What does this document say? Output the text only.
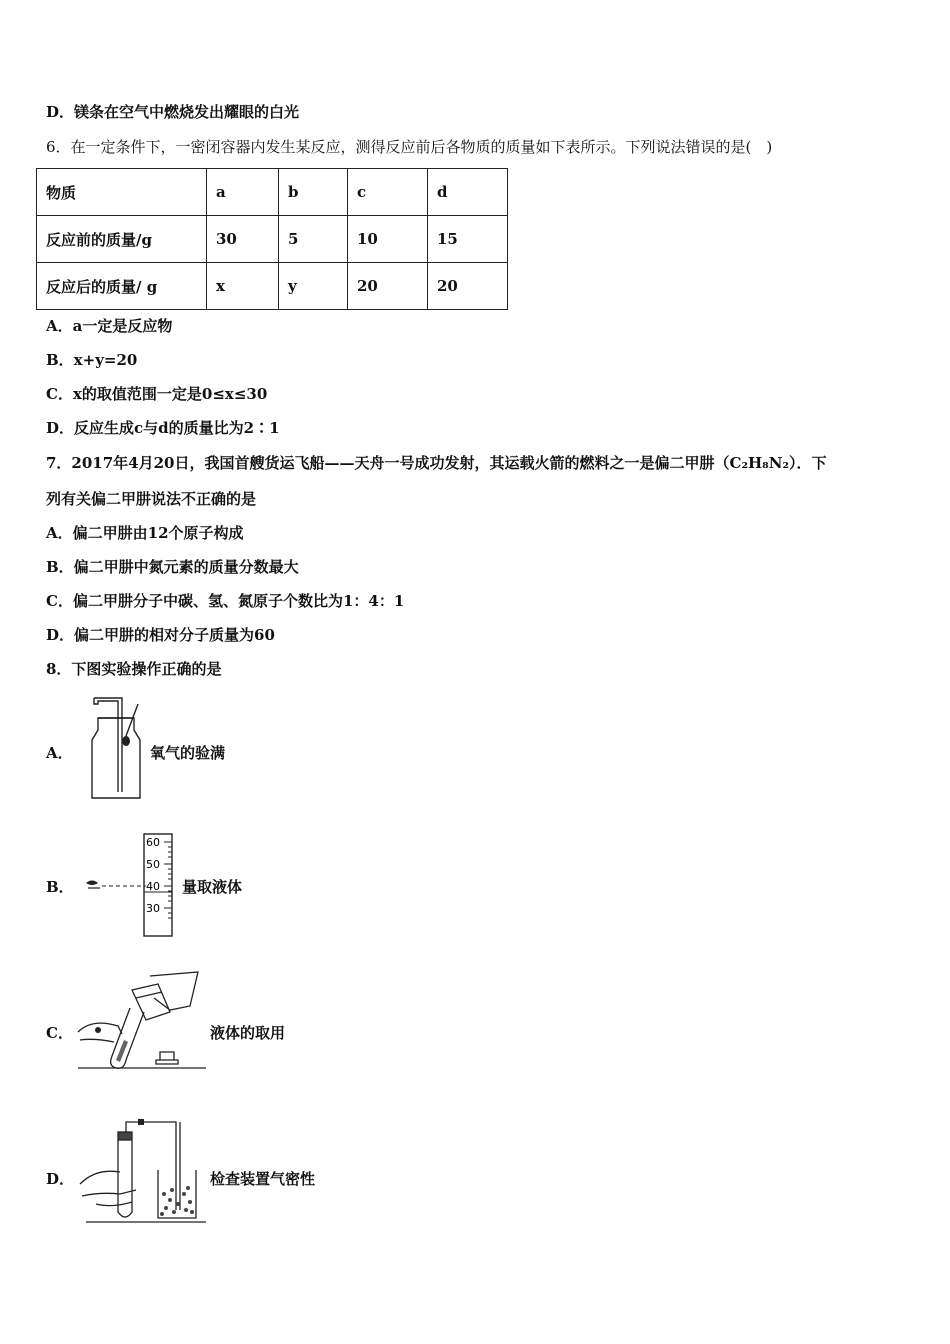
D．镁条在空气中燃烧发出耀眼的白光
6．在一定条件下，一密闭容器内发生某反应，测得反应前后各物质的质量如下表所示。下列说法错误的是(　)
物质	a	b	c	d
反应前的质量/g	30	5	10	15
反应后的质量/ g	x	y	20	20
A．a一定是反应物
B．x+y=20
C．x的取值范围一定是0≤x≤30
D．反应生成c与d的质量比为2∶1
7．2017年4月20日，我国首艘货运飞船——天舟一号成功发射，其运载火箭的燃料之一是偏二甲肼（C₂H₈N₂）．下
列有关偏二甲肼说法不正确的是
A．偏二甲肼由12个原子构成
B．偏二甲肼中氮元素的质量分数最大
C．偏二甲肼分子中碳、氢、氮原子个数比为1：4：1
D．偏二甲肼的相对分子质量为60
8．下图实验操作正确的是
A．	氧气的验满
B．
60
50
40
30
量取液体
C．	液体的取用
D．	检查装置气密性
